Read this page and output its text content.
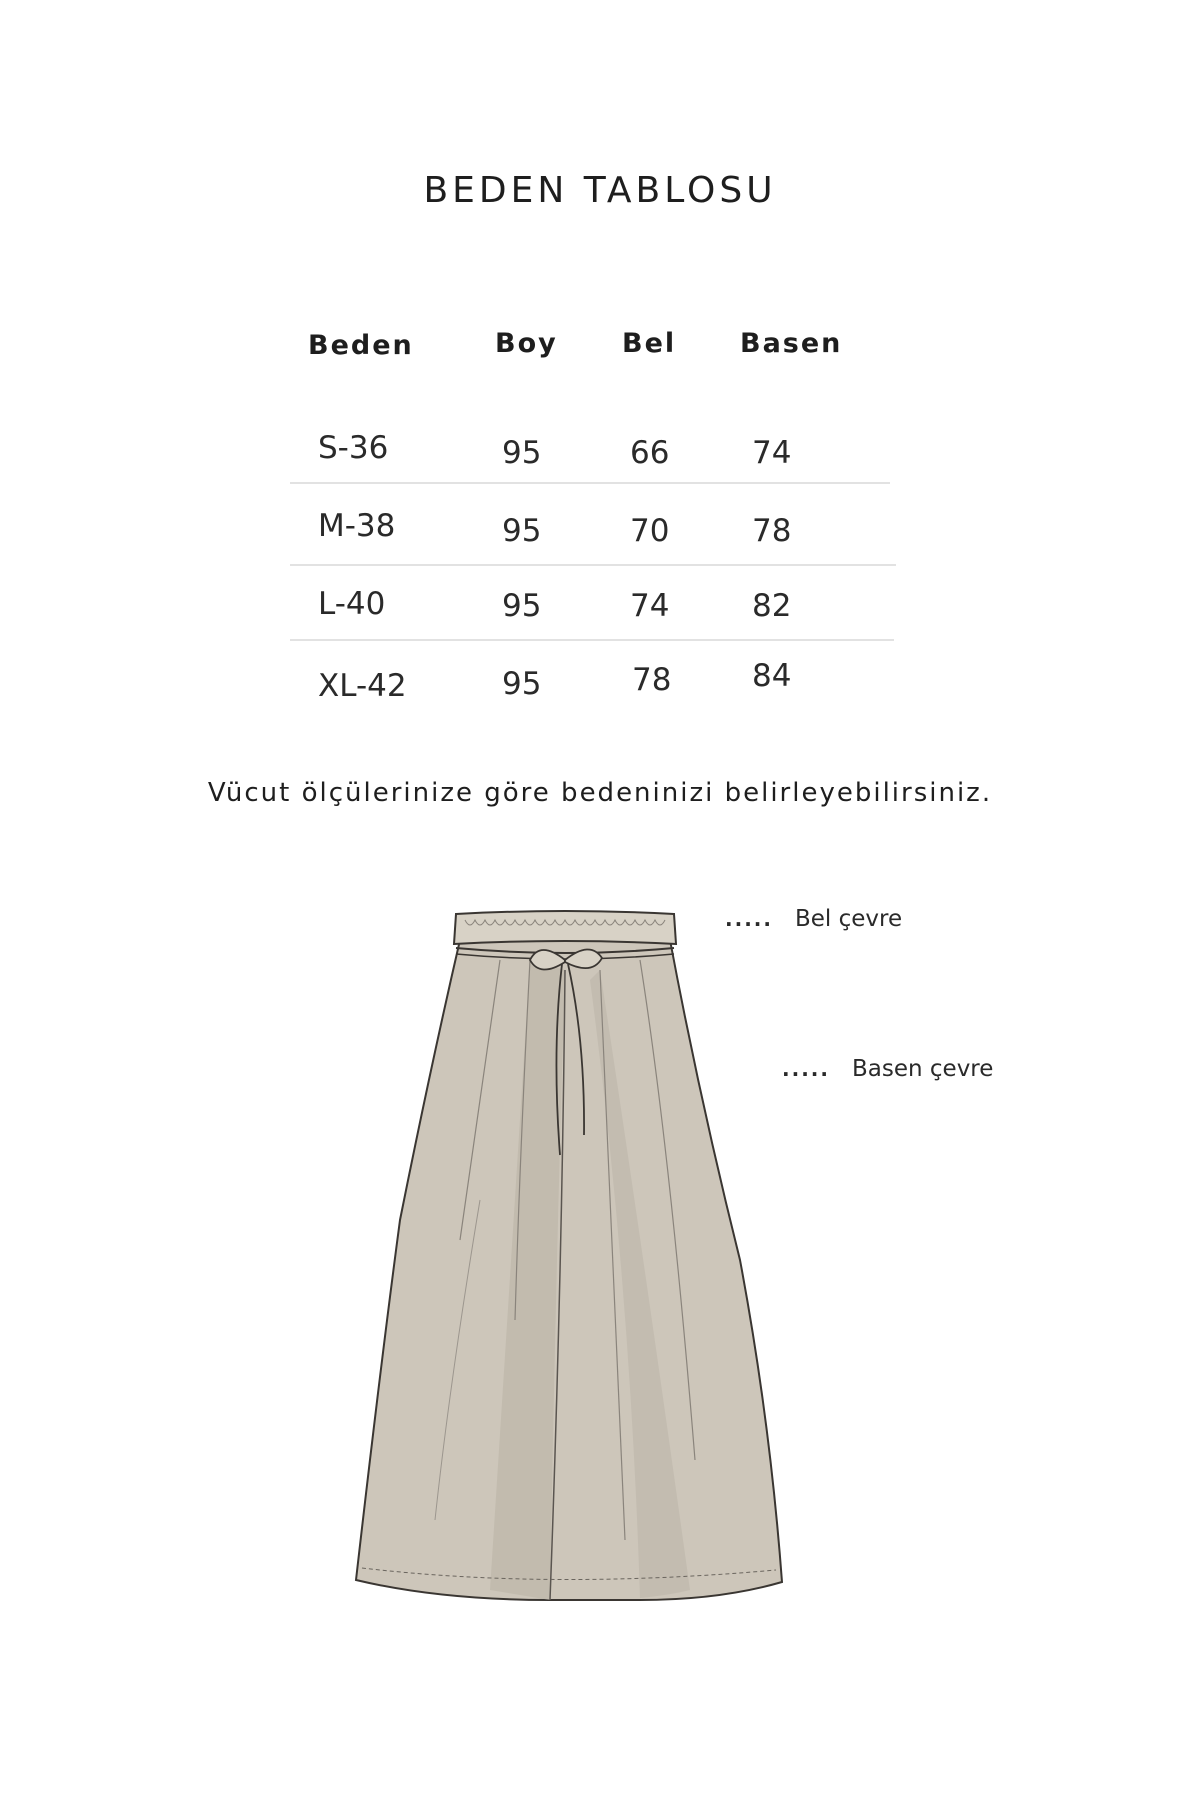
BEDEN TABLOSU
Beden	Boy Bel Basen
S-36	95	66	74
M-38	95	70	78
L-40	95	74	82
XL-42	95	78	84
Vücut ölçülerinize göre bedeninizi belirleyebilirsiniz.
..... Bel çevre
..... Basen çevre
